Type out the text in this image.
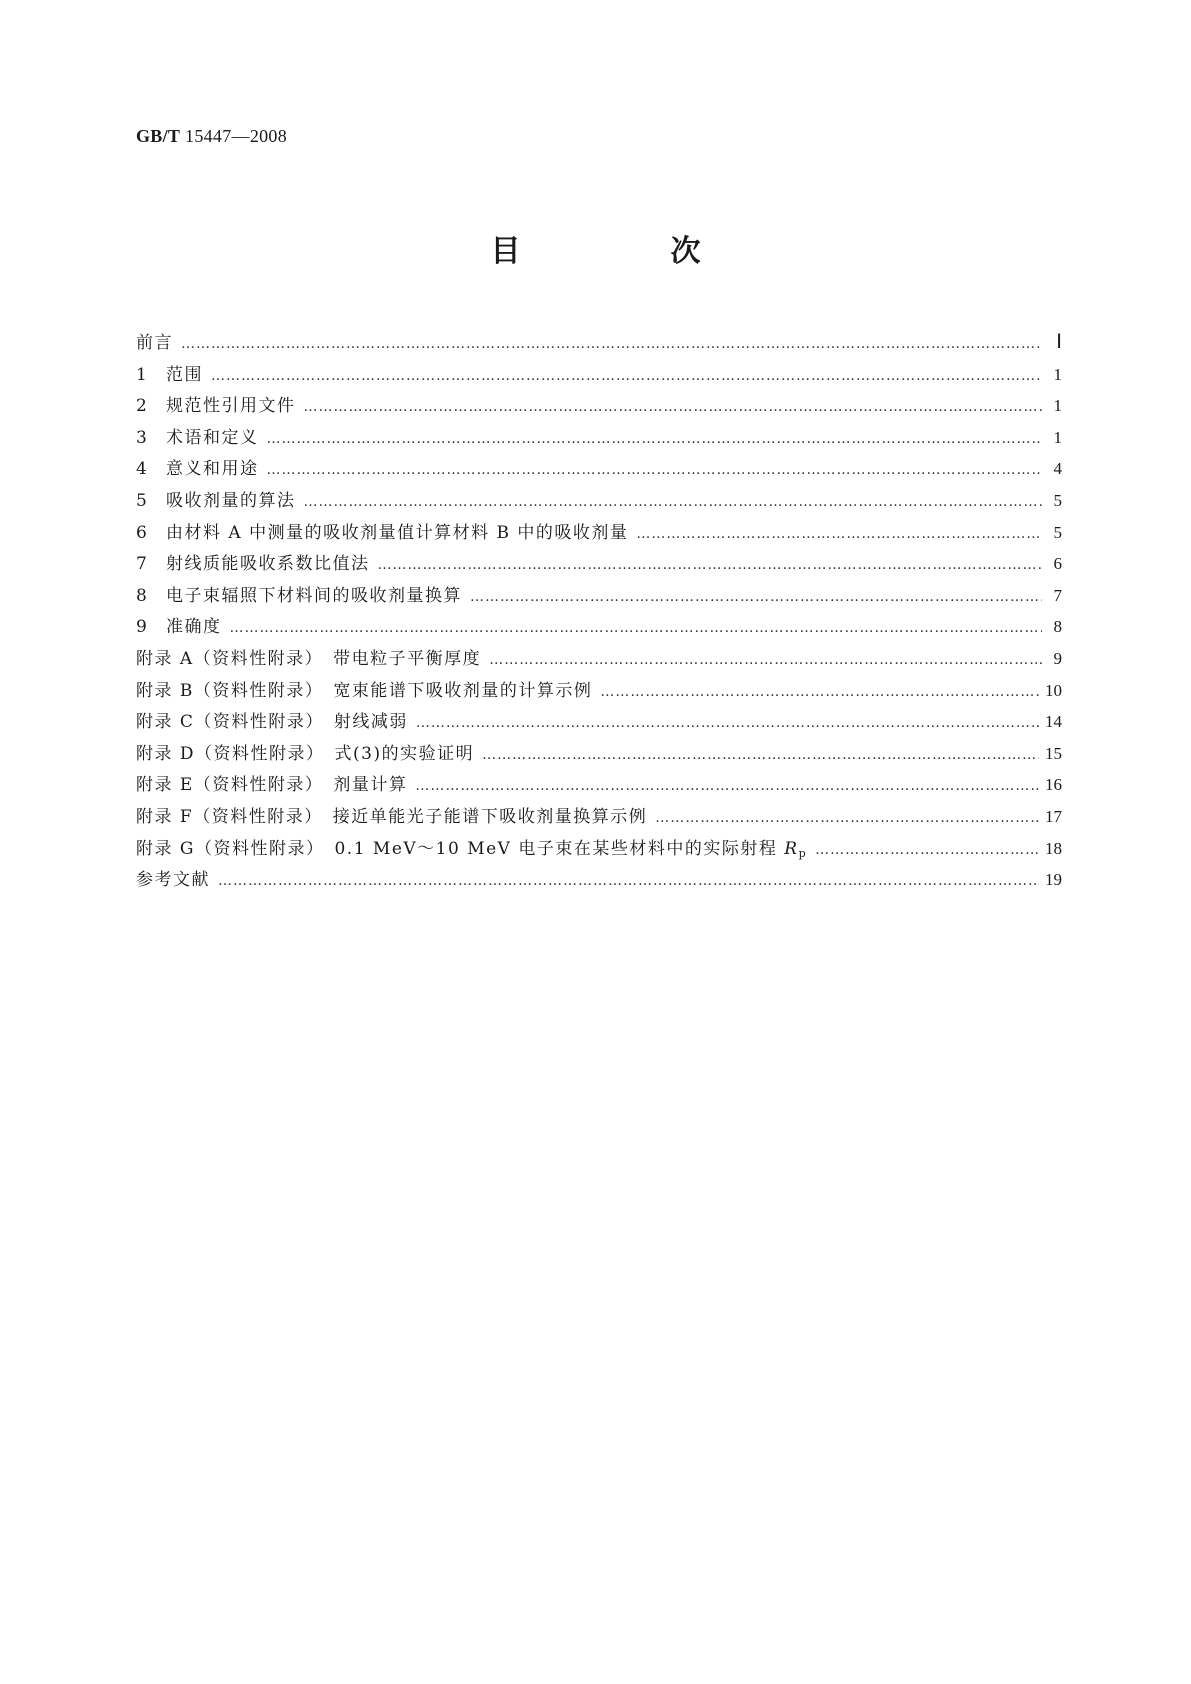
GB/T 15447—2008
目　次
前言 ……………………………………………………………………………………………………………………………………………………………………………………………………………………	Ⅰ
1 范围 ……………………………………………………………………………………………………………………………………………………………………………………………………………………	1
2 规范性引用文件 ……………………………………………………………………………………………………………………………………………………………………………………………………………………	1
3 术语和定义 ……………………………………………………………………………………………………………………………………………………………………………………………………………………	1
4 意义和用途 ……………………………………………………………………………………………………………………………………………………………………………………………………………………	4
5 吸收剂量的算法 ……………………………………………………………………………………………………………………………………………………………………………………………………………………	5
6 由材料 A 中测量的吸收剂量值计算材料 B 中的吸收剂量 ……………………………………………………………………………………………………………………………………………………………………………………………………………………	5
7 射线质能吸收系数比值法 ……………………………………………………………………………………………………………………………………………………………………………………………………………………	6
8 电子束辐照下材料间的吸收剂量换算 ……………………………………………………………………………………………………………………………………………………………………………………………………………………	7
9 准确度 ……………………………………………………………………………………………………………………………………………………………………………………………………………………	8
附录 A（资料性附录）　带电粒子平衡厚度 ……………………………………………………………………………………………………………………………………………………………………………………………………………………	9
附录 B（资料性附录）　宽束能谱下吸收剂量的计算示例 ……………………………………………………………………………………………………………………………………………………………………………………………………………………	10
附录 C（资料性附录）　射线减弱 ……………………………………………………………………………………………………………………………………………………………………………………………………………………	14
附录 D（资料性附录）　式(3)的实验证明 ……………………………………………………………………………………………………………………………………………………………………………………………………………………	15
附录 E（资料性附录）　剂量计算 ……………………………………………………………………………………………………………………………………………………………………………………………………………………	16
附录 F（资料性附录）　接近单能光子能谱下吸收剂量换算示例 ……………………………………………………………………………………………………………………………………………………………………………………………………………………	17
附录 G（资料性附录）　0.1 MeV～10 MeV 电子束在某些材料中的实际射程 $R_p$ ……………………………………………………………………………………………………………………………………………………………………………………………………………………	18
参考文献 ……………………………………………………………………………………………………………………………………………………………………………………………………………………	19
